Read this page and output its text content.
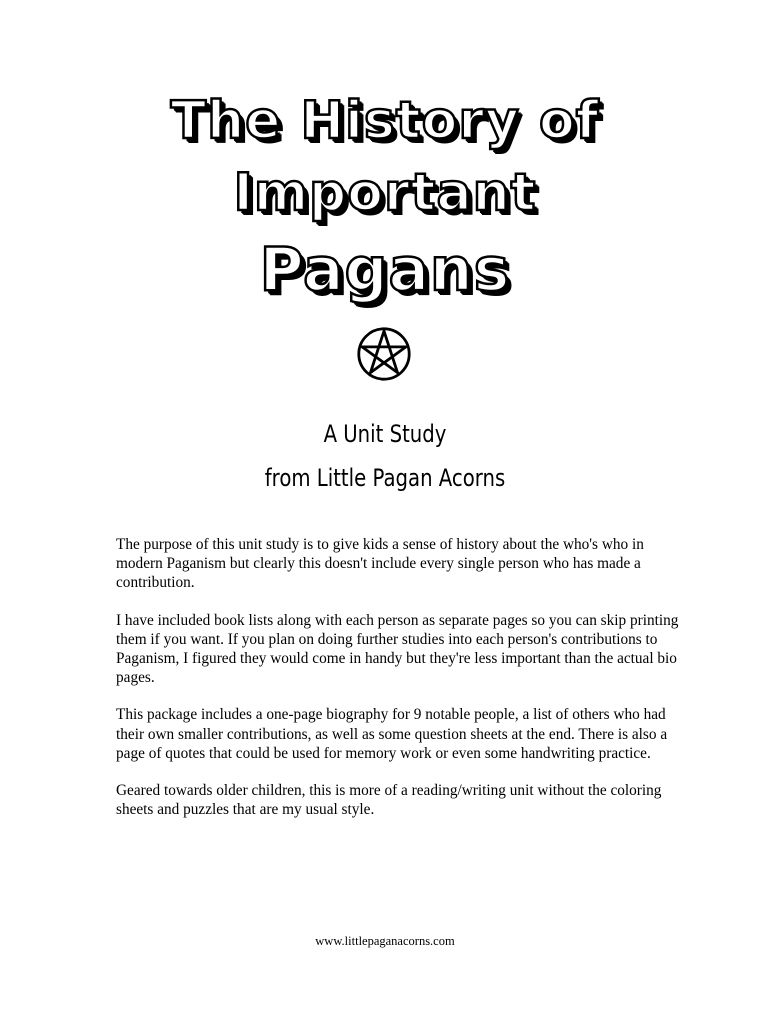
The History of
Important
Pagans
A Unit Study
from Little Pagan Acorns

The purpose of this unit study is to give kids a sense of history about the who's who in modern Paganism but clearly this doesn't include every single person who has made a contribution.

I have included book lists along with each person as separate pages so you can skip printing them if you want. If you plan on doing further studies into each person's contributions to Paganism, I figured they would come in handy but they're less important than the actual bio pages.

This package includes a one-page biography for 9 notable people, a list of others who had their own smaller contributions, as well as some question sheets at the end. There is also a page of quotes that could be used for memory work or even some handwriting practice.

Geared towards older children, this is more of a reading/writing unit without the coloring sheets and puzzles that are my usual style.

www.littlepaganacorns.com
